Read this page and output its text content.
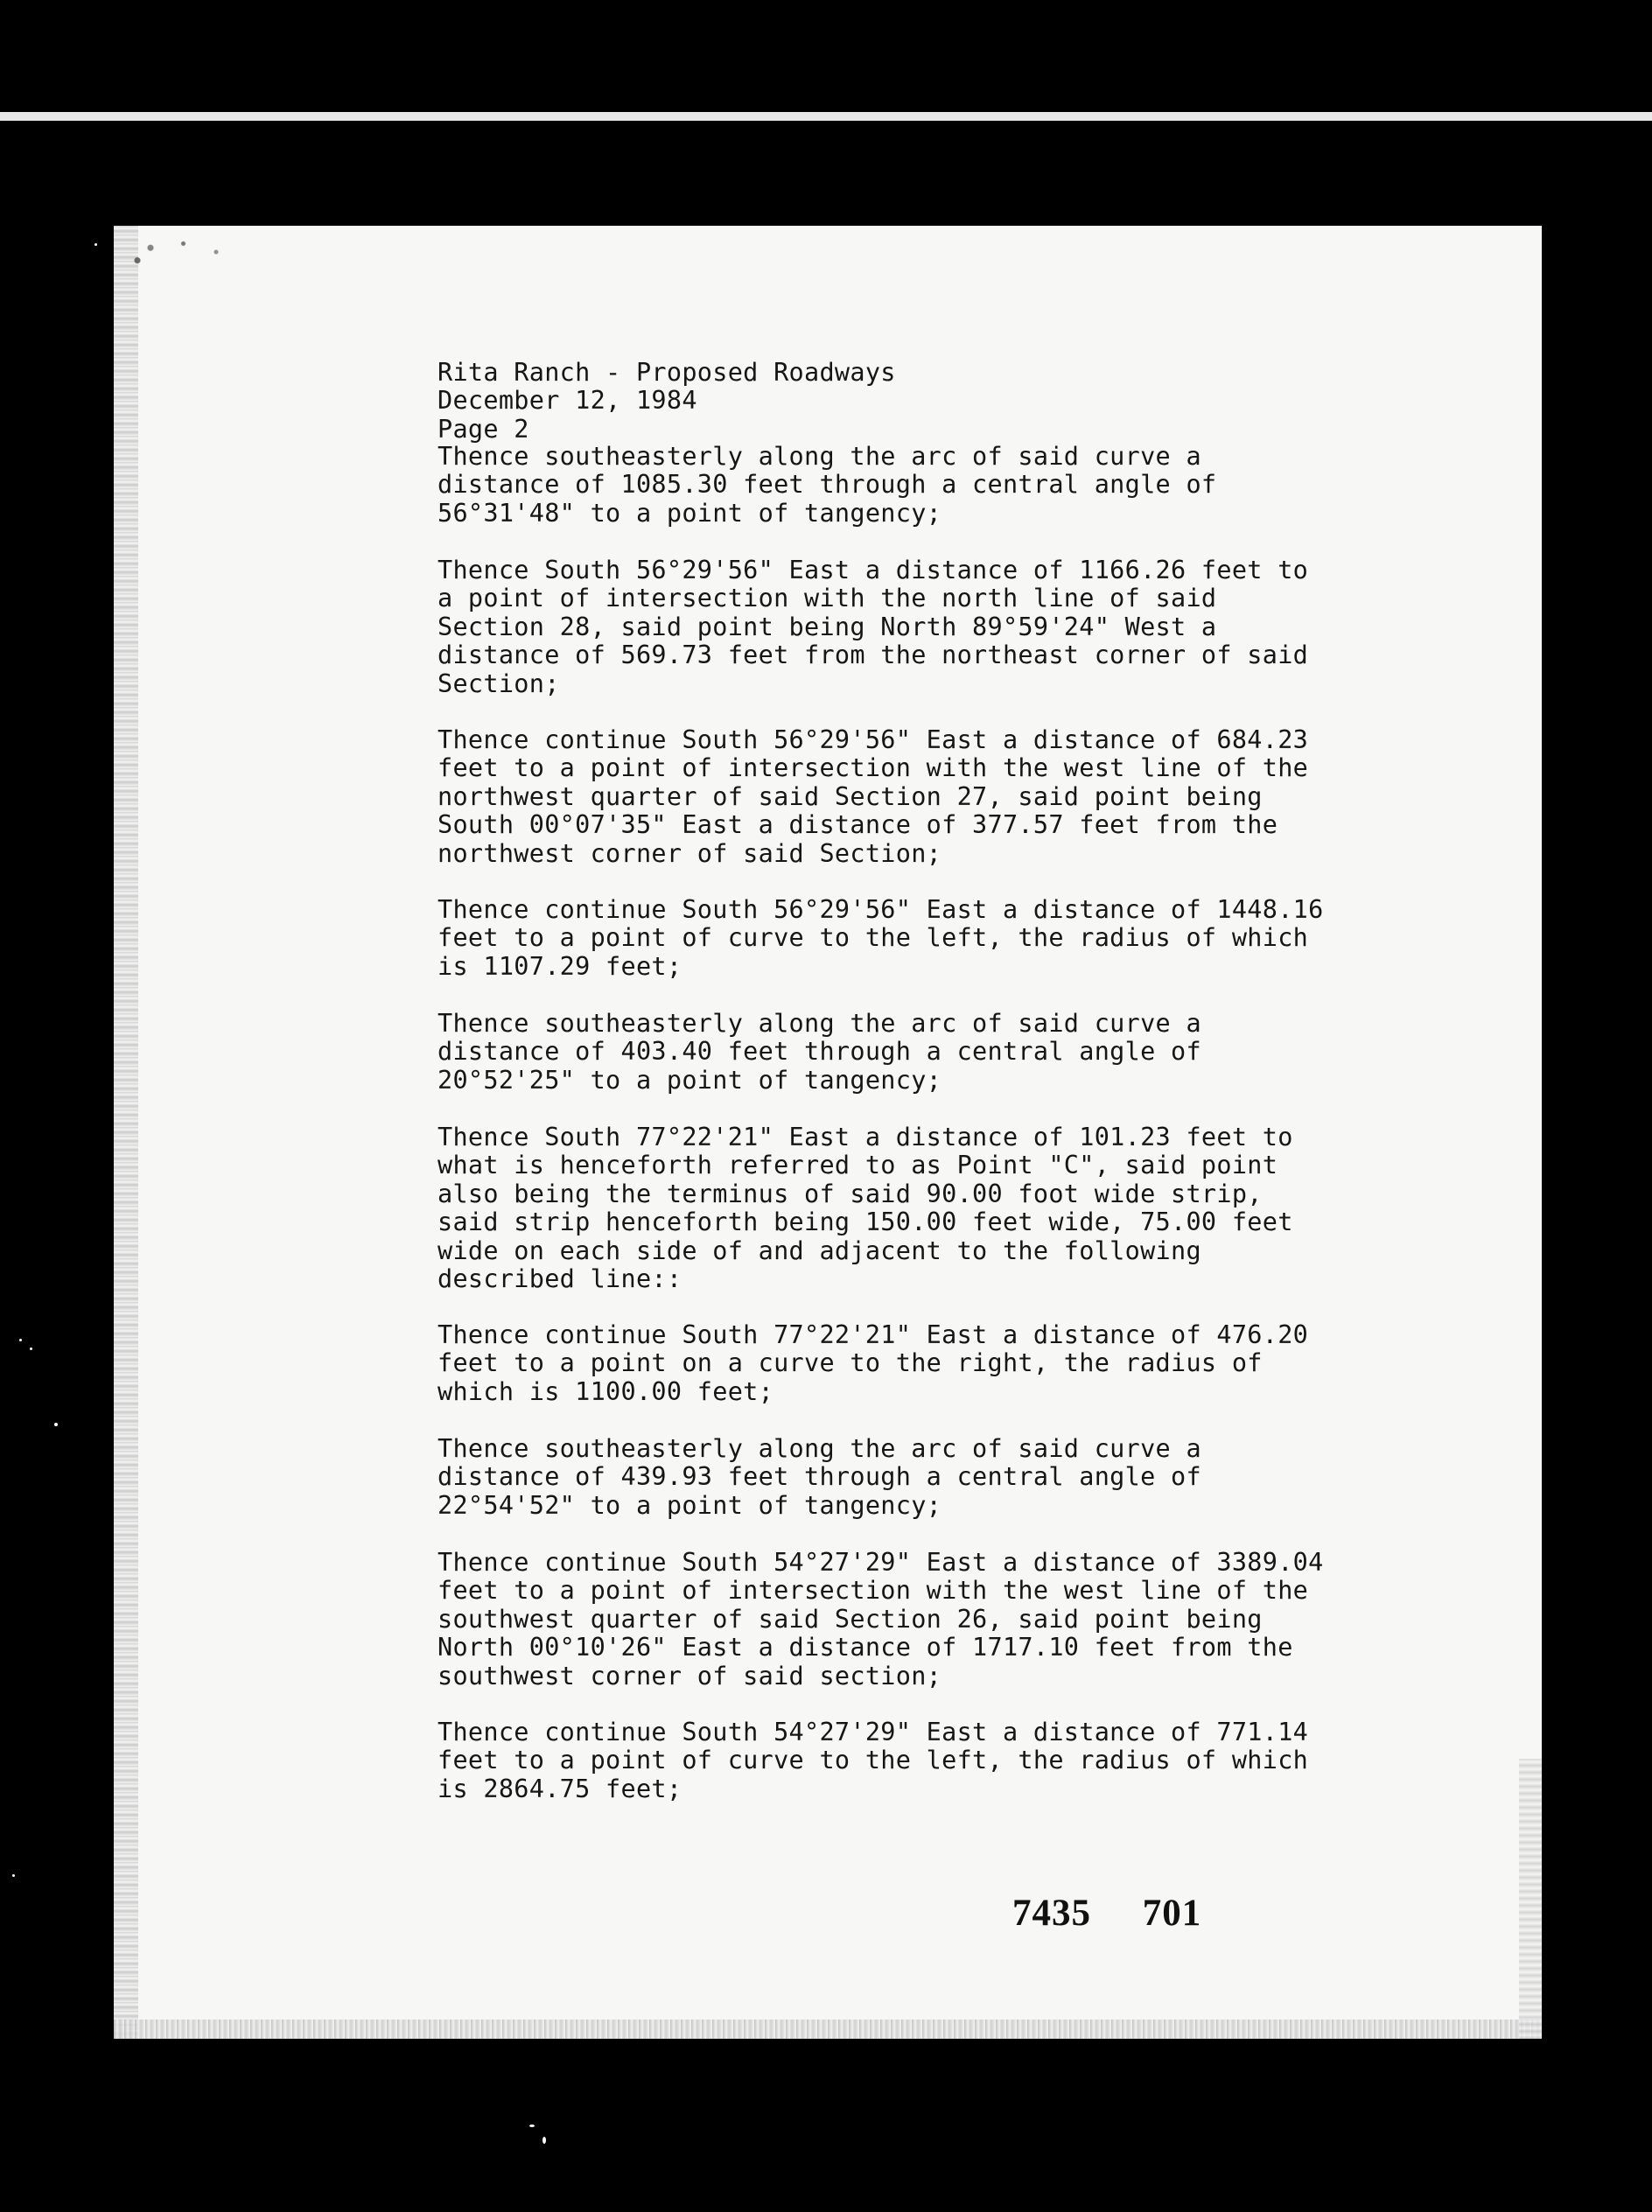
Rita Ranch - Proposed Roadways
December 12, 1984
Page 2
Thence southeasterly along the arc of said curve a
distance of 1085.30 feet through a central angle of
56°31'48" to a point of tangency;
Thence South 56°29'56" East a distance of 1166.26 feet to
a point of intersection with the north line of said
Section 28, said point being North 89°59'24" West a
distance of 569.73 feet from the northeast corner of said
Section;
Thence continue South 56°29'56" East a distance of 684.23
feet to a point of intersection with the west line of the
northwest quarter of said Section 27, said point being
South 00°07'35" East a distance of 377.57 feet from the
northwest corner of said Section;
Thence continue South 56°29'56" East a distance of 1448.16
feet to a point of curve to the left, the radius of which
is 1107.29 feet;
Thence southeasterly along the arc of said curve a
distance of 403.40 feet through a central angle of
20°52'25" to a point of tangency;
Thence South 77°22'21" East a distance of 101.23 feet to
what is henceforth referred to as Point "C", said point
also being the terminus of said 90.00 foot wide strip,
said strip henceforth being 150.00 feet wide, 75.00 feet
wide on each side of and adjacent to the following
described line::
Thence continue South 77°22'21" East a distance of 476.20
feet to a point on a curve to the right, the radius of
which is 1100.00 feet;
Thence southeasterly along the arc of said curve a
distance of 439.93 feet through a central angle of
22°54'52" to a point of tangency;
Thence continue South 54°27'29" East a distance of 3389.04
feet to a point of intersection with the west line of the
southwest quarter of said Section 26, said point being
North 00°10'26" East a distance of 1717.10 feet from the
southwest corner of said section;
Thence continue South 54°27'29" East a distance of 771.14
feet to a point of curve to the left, the radius of which
is 2864.75 feet;
7435 701
